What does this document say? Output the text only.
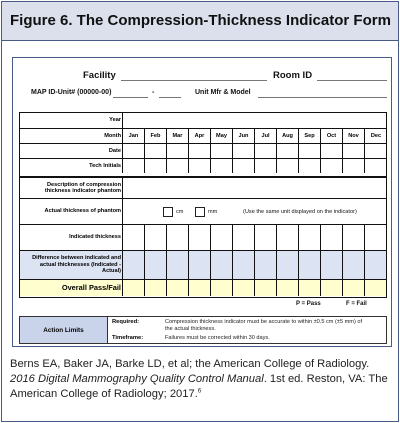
Figure 6. The Compression-Thickness Indicator Form
Facility	Room ID
MAP ID-Unit# (00000-00)	-	Unit Mfr & Model
Year
Month	Jan	Feb	Mar	Apr	May	Jun	Jul	Aug	Sep	Oct	Nov	Dec
Date
Tech Initials
Description of compression thickness indicator phantom
Actual thickness of phantom	cm	mm	(Use the same unit displayed on the indicator)
Indicated thickness
Difference between indicated and actual thicknesses (Indicated - Actual)
Overall Pass/Fail
P = Pass	F = Fail
Action Limits
Required:	Compression thickness indicator must be accurate to within ±0.5 cm (±5 mm) of
the actual thickness.
Timeframe:	Failures must be corrected within 30 days.
Berns EA, Baker JA, Barke LD, et al; the American College of Radiology.
2016 Digital Mammography Quality Control Manual. 1st ed. Reston, VA: The
American College of Radiology; 2017.$^6$
